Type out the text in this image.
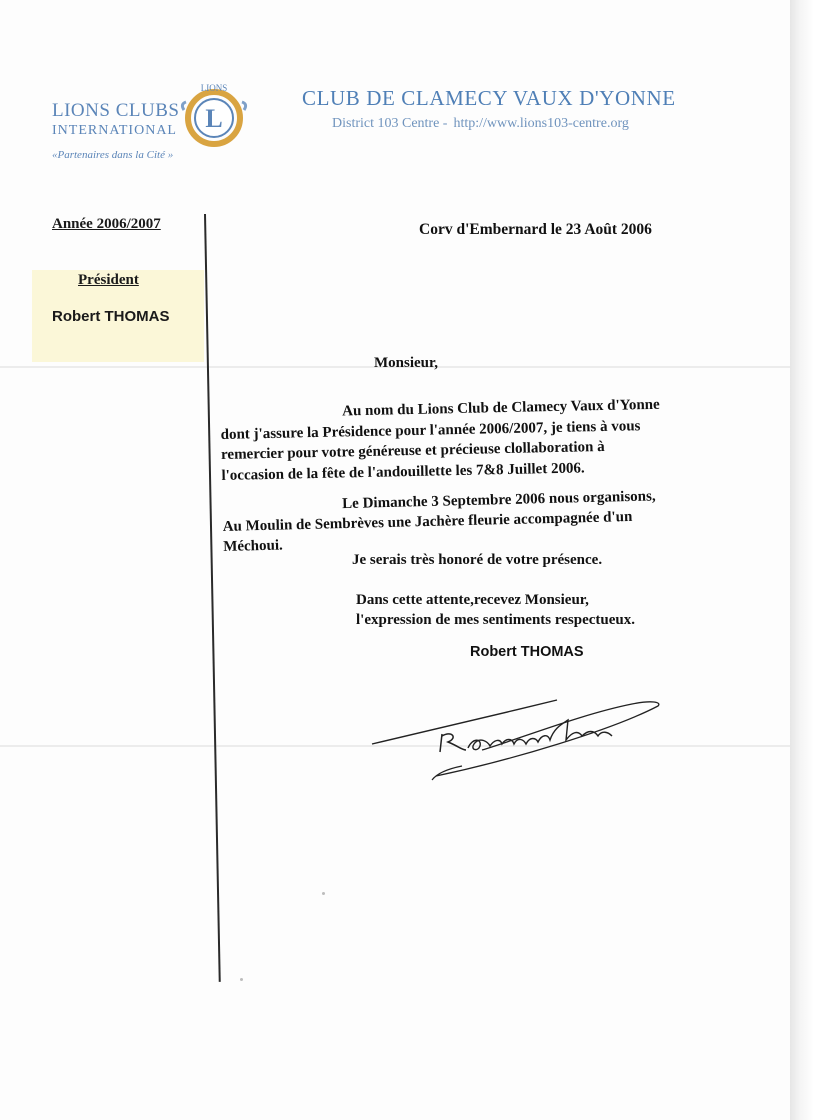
LIONS CLUBS
INTERNATIONAL
«Partenaires dans la Cité »
L
LIONS	CLUB DE CLAMECY VAUX D'YONNE
District 103 Centre - http://www.lions103-centre.org
Année 2006/2007
Président
Robert THOMAS
Corv d'Embernard le 23 Août 2006
Monsieur,
Au nom du Lions Club de Clamecy Vaux d'Yonne
dont j'assure la Présidence pour l'année 2006/2007, je tiens à vous
remercier pour votre généreuse et précieuse clollaboration à
l'occasion de la fête de l'andouillette les 7&8 Juillet 2006.
Le Dimanche 3 Septembre 2006 nous organisons,
Au Moulin de Sembrèves une Jachère fleurie accompagnée d'un
Méchoui.
Je serais très honoré de votre présence.
Dans cette attente,recevez Monsieur,
l'expression de mes sentiments respectueux.
Robert THOMAS
